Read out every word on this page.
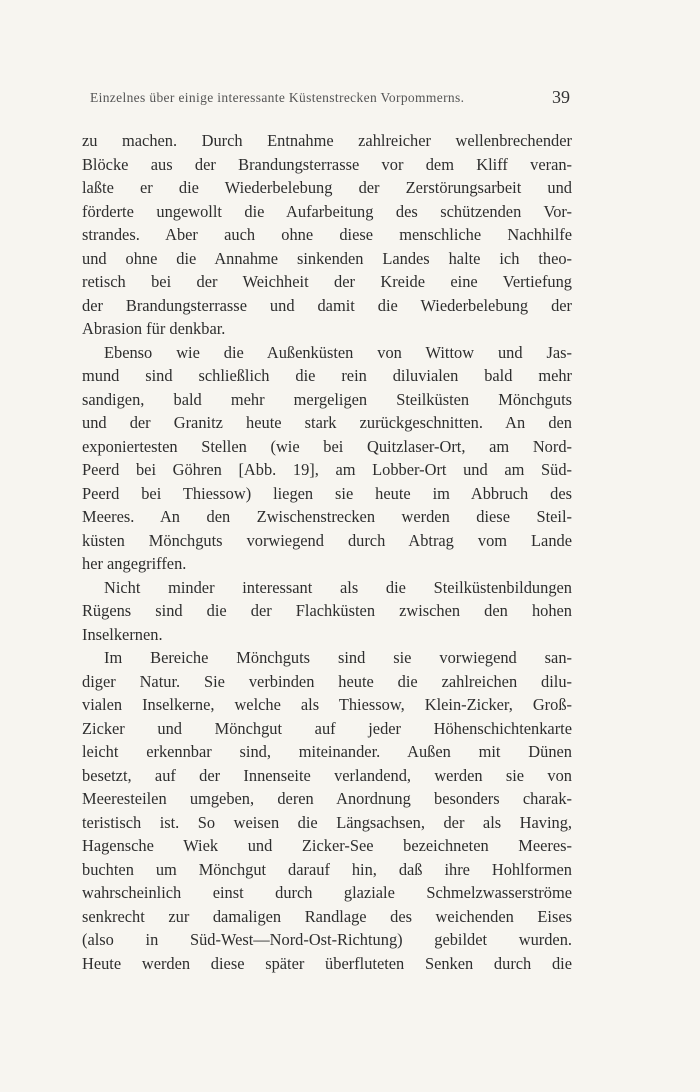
Einzelnes über einige interessante Küstenstrecken Vorpommerns.	39
zu machen. Durch Entnahme zahlreicher wellenbrechender
Blöcke aus der Brandungsterrasse vor dem Kliff veran-
laßte er die Wiederbelebung der Zerstörungsarbeit und
förderte ungewollt die Aufarbeitung des schützenden Vor-
strandes. Aber auch ohne diese menschliche Nachhilfe
und ohne die Annahme sinkenden Landes halte ich theo-
retisch bei der Weichheit der Kreide eine Vertiefung
der Brandungsterrasse und damit die Wiederbelebung der
Abrasion für denkbar.
Ebenso wie die Außenküsten von Wittow und Jas-
mund sind schließlich die rein diluvialen bald mehr
sandigen, bald mehr mergeligen Steilküsten Mönchguts
und der Granitz heute stark zurückgeschnitten. An den
exponiertesten Stellen (wie bei Quitzlaser-Ort, am Nord-
Peerd bei Göhren [Abb. 19], am Lobber-Ort und am Süd-
Peerd bei Thiessow) liegen sie heute im Abbruch des
Meeres. An den Zwischenstrecken werden diese Steil-
küsten Mönchguts vorwiegend durch Abtrag vom Lande
her angegriffen.
Nicht minder interessant als die Steilküstenbildungen
Rügens sind die der Flachküsten zwischen den hohen
Inselkernen.
Im Bereiche Mönchguts sind sie vorwiegend san-
diger Natur. Sie verbinden heute die zahlreichen dilu-
vialen Inselkerne, welche als Thiessow, Klein-Zicker, Groß-
Zicker und Mönchgut auf jeder Höhenschichtenkarte
leicht erkennbar sind, miteinander. Außen mit Dünen
besetzt, auf der Innenseite verlandend, werden sie von
Meeresteilen umgeben, deren Anordnung besonders charak-
teristisch ist. So weisen die Längsachsen, der als Having,
Hagensche Wiek und Zicker-See bezeichneten Meeres-
buchten um Mönchgut darauf hin, daß ihre Hohlformen
wahrscheinlich einst durch glaziale Schmelzwasserströme
senkrecht zur damaligen Randlage des weichenden Eises
(also in Süd-West—Nord-Ost-Richtung) gebildet wurden.
Heute werden diese später überfluteten Senken durch die
